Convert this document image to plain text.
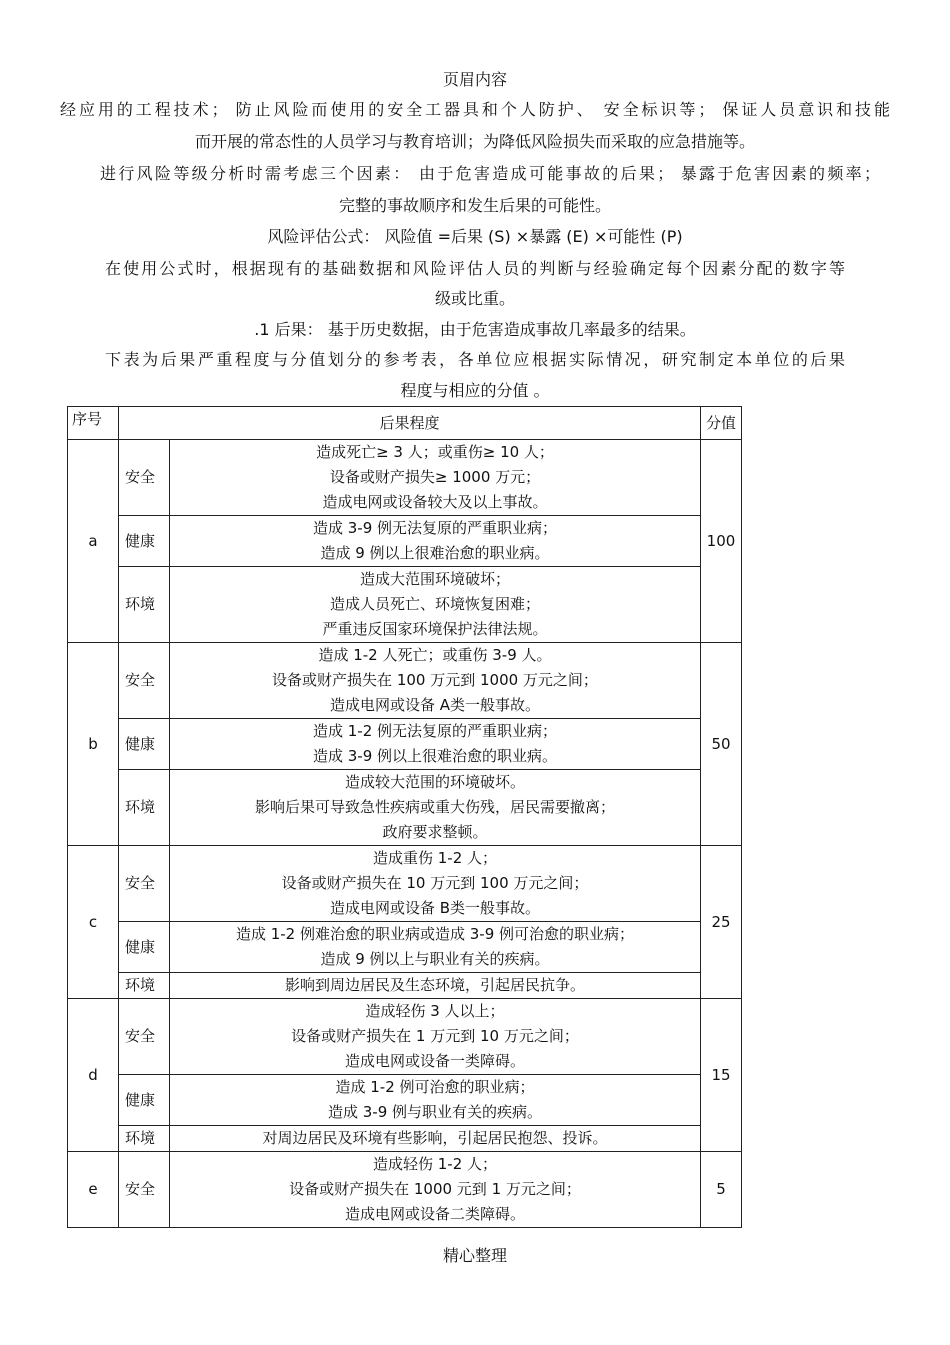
页眉内容
经应用的工程技术； 防止风险而使用的安全工器具和个人防护、 安全标识等； 保证人员意识和技能
而开展的常态性的人员学习与教育培训；为降低风险损失而采取的应急措施等。
进行风险等级分析时需考虑三个因素： 由于危害造成可能事故的后果； 暴露于危害因素的频率；
完整的事故顺序和发生后果的可能性。
风险评估公式： 风险值 =后果 (S) ×暴露 (E) ×可能性 (P)
在使用公式时，根据现有的基础数据和风险评估人员的判断与经验确定每个因素分配的数字等
级或比重。
.1 后果： 基于历史数据，由于危害造成事故几率最多的结果。
下表为后果严重程度与分值划分的参考表，各单位应根据实际情况，研究制定本单位的后果
程度与相应的分值 。
序号	后果程度		分值
a	安全	造成死亡≥ 3 人；或重伤≥ 10 人；
设备或财产损失≥ 1000 万元；
造成电网或设备较大及以上事故。	100
	健康	造成 3-9 例无法复原的严重职业病；
造成 9 例以上很难治愈的职业病。	

	环境	造成大范围环境破坏；
造成人员死亡、环境恢复困难；
严重违反国家环境保护法律法规。	

b	安全	造成 1-2 人死亡；或重伤 3-9 人。
设备或财产损失在 100 万元到 1000 万元之间；
造成电网或设备 A类一般事故。	50
	健康	造成 1-2 例无法复原的严重职业病；
造成 3-9 例以上很难治愈的职业病。	

	环境	造成较大范围的环境破坏。
影响后果可导致急性疾病或重大伤残，居民需要撤离；
政府要求整顿。	

c	安全	造成重伤 1-2 人；
设备或财产损失在 10 万元到 100 万元之间；
造成电网或设备 B类一般事故。	25
	健康	造成 1-2 例难治愈的职业病或造成 3-9 例可治愈的职业病；
造成 9 例以上与职业有关的疾病。	

	环境	影响到周边居民及生态环境，引起居民抗争。	

d	安全	造成轻伤 3 人以上；
设备或财产损失在 1 万元到 10 万元之间；
造成电网或设备一类障碍。	15
	健康	造成 1-2 例可治愈的职业病；
造成 3-9 例与职业有关的疾病。	

	环境	对周边居民及环境有些影响，引起居民抱怨、投诉。	

e	安全	造成轻伤 1-2 人；
设备或财产损失在 1000 元到 1 万元之间；
造成电网或设备二类障碍。	5
精心整理
